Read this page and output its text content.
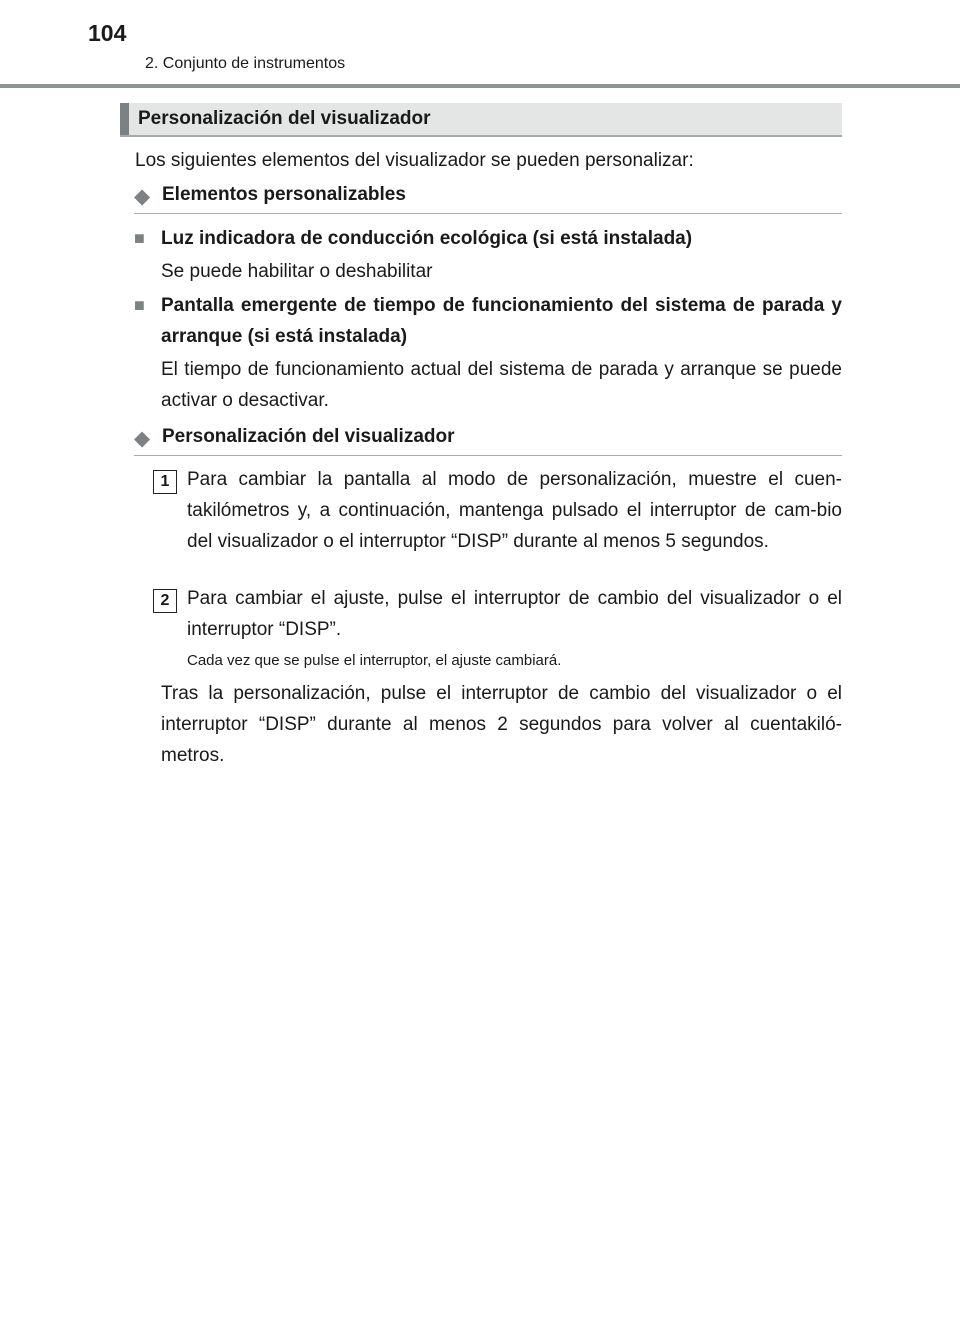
104
2. Conjunto de instrumentos
Personalización del visualizador
Los siguientes elementos del visualizador se pueden personalizar:
◆ Elementos personalizables
■ Luz indicadora de conducción ecológica (si está instalada)
Se puede habilitar o deshabilitar
■ Pantalla emergente de tiempo de funcionamiento del sistema de parada y arranque (si está instalada)
El tiempo de funcionamiento actual del sistema de parada y arranque se puede activar o desactivar.
◆ Personalización del visualizador
1 Para cambiar la pantalla al modo de personalización, muestre el cuen-takilómetros y, a continuación, mantenga pulsado el interruptor de cam-bio del visualizador o el interruptor “DISP” durante al menos 5 segundos.
2 Para cambiar el ajuste, pulse el interruptor de cambio del visualizador o el interruptor “DISP”.
Cada vez que se pulse el interruptor, el ajuste cambiará.
Tras la personalización, pulse el interruptor de cambio del visualizador o el interruptor “DISP” durante al menos 2 segundos para volver al cuentakiló-metros.
